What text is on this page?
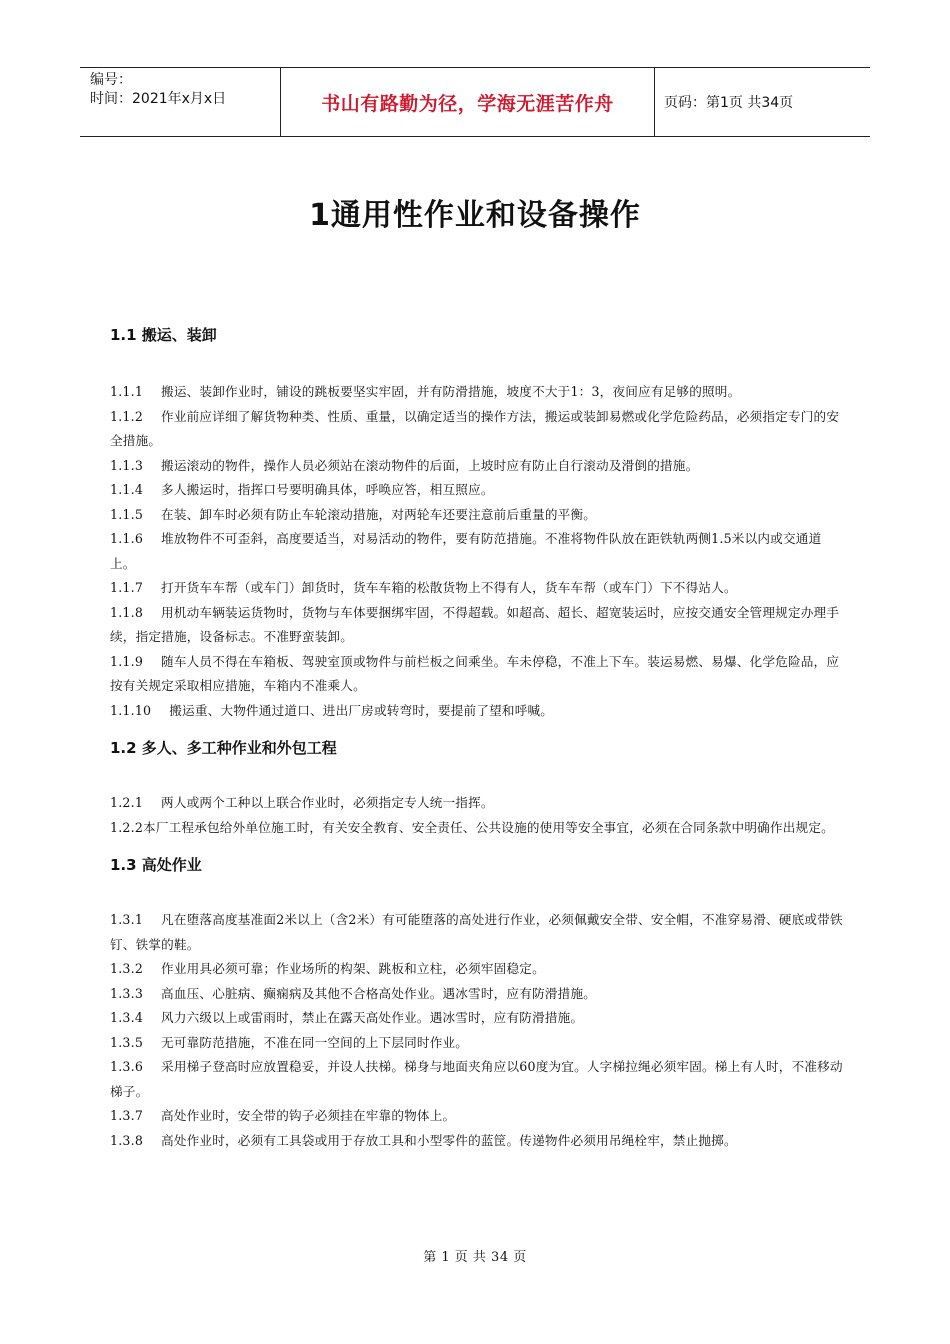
编号：
时间：2021年x月x日	书山有路勤为径，学海无涯苦作舟	页码：第1页 共34页
1通用性作业和设备操作
1.1 搬运、装卸
1.1.1 搬运、装卸作业时，铺设的跳板要坚实牢固，并有防滑措施，坡度不大于1：3，夜间应有足够的照明。
1.1.2 作业前应详细了解货物种类、性质、重量，以确定适当的操作方法，搬运或装卸易燃或化学危险药品，必须指定专门的安全措施。
1.1.3 搬运滚动的物件，操作人员必须站在滚动物件的后面，上坡时应有防止自行滚动及滑倒的措施。
1.1.4 多人搬运时，指挥口号要明确具体，呼唤应答，相互照应。
1.1.5 在装、卸车时必须有防止车轮滚动措施，对两轮车还要注意前后重量的平衡。
1.1.6 堆放物件不可歪斜，高度要适当，对易活动的物件，要有防范措施。不准将物件队放在距铁轨两侧1.5米以内或交通道上。
1.1.7 打开货车车帮（或车门）卸货时，货车车箱的松散货物上不得有人，货车车帮（或车门）下不得站人。
1.1.8 用机动车辆装运货物时，货物与车体要捆绑牢固，不得超载。如超高、超长、超宽装运时，应按交通安全管理规定办理手续，指定措施，设备标志。不准野蛮装卸。
1.1.9 随车人员不得在车箱板、驾驶室顶或物件与前栏板之间乘坐。车未停稳，不准上下车。装运易燃、易爆、化学危险品，应按有关规定采取相应措施，车箱内不准乘人。
1.1.10 搬运重、大物件通过道口、进出厂房或转弯时，要提前了望和呼喊。
1.2 多人、多工种作业和外包工程
1.2.1 两人或两个工种以上联合作业时，必须指定专人统一指挥。
1.2.2本厂工程承包给外单位施工时，有关安全教育、安全责任、公共设施的使用等安全事宜，必须在合同条款中明确作出规定。
1.3 高处作业
1.3.1 凡在堕落高度基准面2米以上（含2米）有可能堕落的高处进行作业，必须佩戴安全带、安全帽，不准穿易滑、硬底或带铁钉、铁掌的鞋。
1.3.2 作业用具必须可靠；作业场所的构架、跳板和立柱，必须牢固稳定。
1.3.3 高血压、心脏病、癫痫病及其他不合格高处作业。遇冰雪时，应有防滑措施。
1.3.4 风力六级以上或雷雨时，禁止在露天高处作业。遇冰雪时，应有防滑措施。
1.3.5 无可靠防范措施，不准在同一空间的上下层同时作业。
1.3.6 采用梯子登高时应放置稳妥，并设人扶梯。梯身与地面夹角应以60度为宜。人字梯拉绳必须牢固。梯上有人时，不准移动梯子。
1.3.7 高处作业时，安全带的钩子必须挂在牢靠的物体上。
1.3.8 高处作业时，必须有工具袋或用于存放工具和小型零件的蓝筐。传递物件必须用吊绳栓牢，禁止抛掷。
第 1 页 共 34 页
